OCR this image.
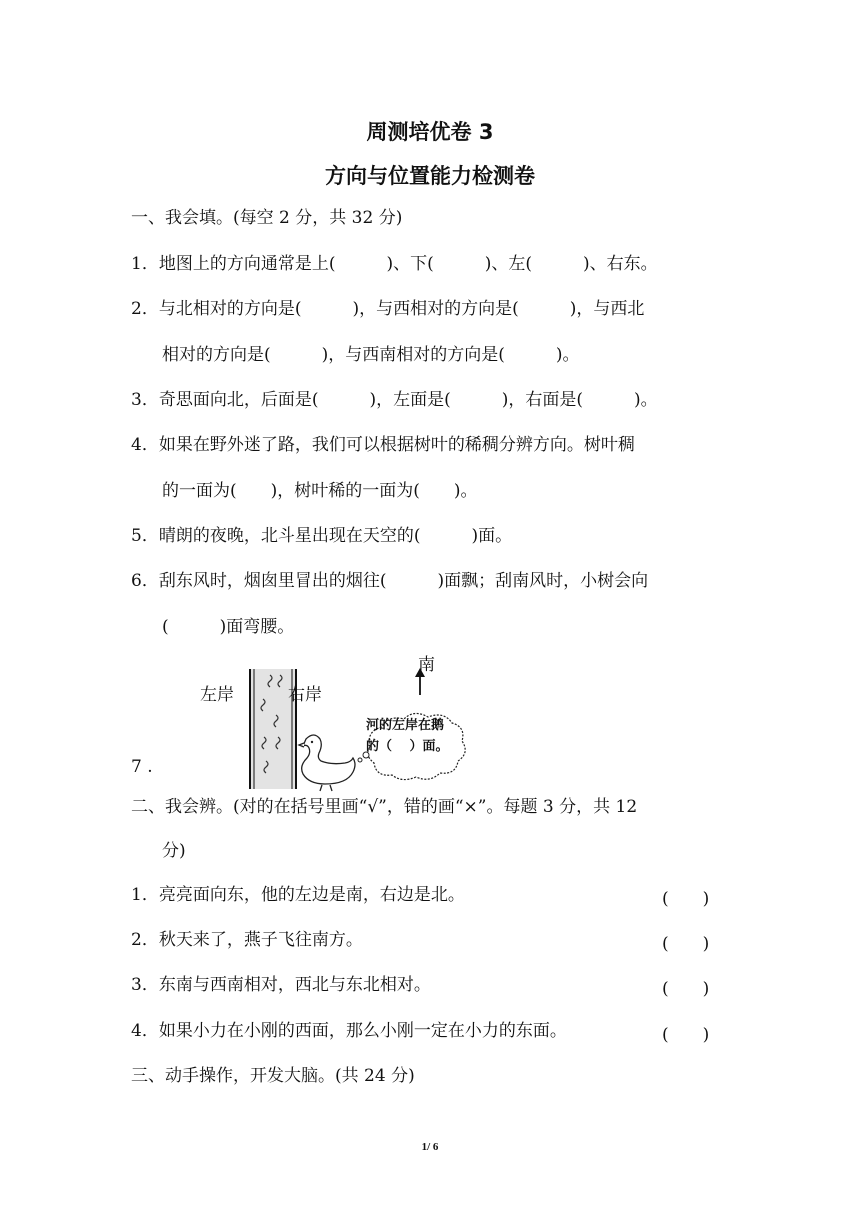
周测培优卷 3
方向与位置能力检测卷
一、我会填。(每空 2 分，共 32 分)
1．地图上的方向通常是上(　　　)、下(　　　)、左(　　　)、右东。
2．与北相对的方向是(　　　)，与西相对的方向是(　　　)，与西北
相对的方向是(　　　)，与西南相对的方向是(　　　)。
3．奇思面向北，后面是(　　　)，左面是(　　　)，右面是(　　　)。
4．如果在野外迷了路，我们可以根据树叶的稀稠分辨方向。树叶稠
的一面为(　　)，树叶稀的一面为(　　)。
5．晴朗的夜晚，北斗星出现在天空的(　　　)面。
6．刮东风时，烟囱里冒出的烟往(　　　)面飘；刮南风时，小树会向
(　　　)面弯腰。
7 .

左岸	右岸
南
河的左岸在鹅
的（　 ）面。
二、我会辨。(对的在括号里画“√”，错的画“×”。每题 3 分，共 12
分)
1．亮亮面向东，他的左边是南，右边是北。	(　　)
2．秋天来了，燕子飞往南方。	(　　)
3．东南与西南相对，西北与东北相对。	(　　)
4．如果小力在小刚的西面，那么小刚一定在小力的东面。	(　　)
三、动手操作，开发大脑。(共 24 分)
1/ 6
